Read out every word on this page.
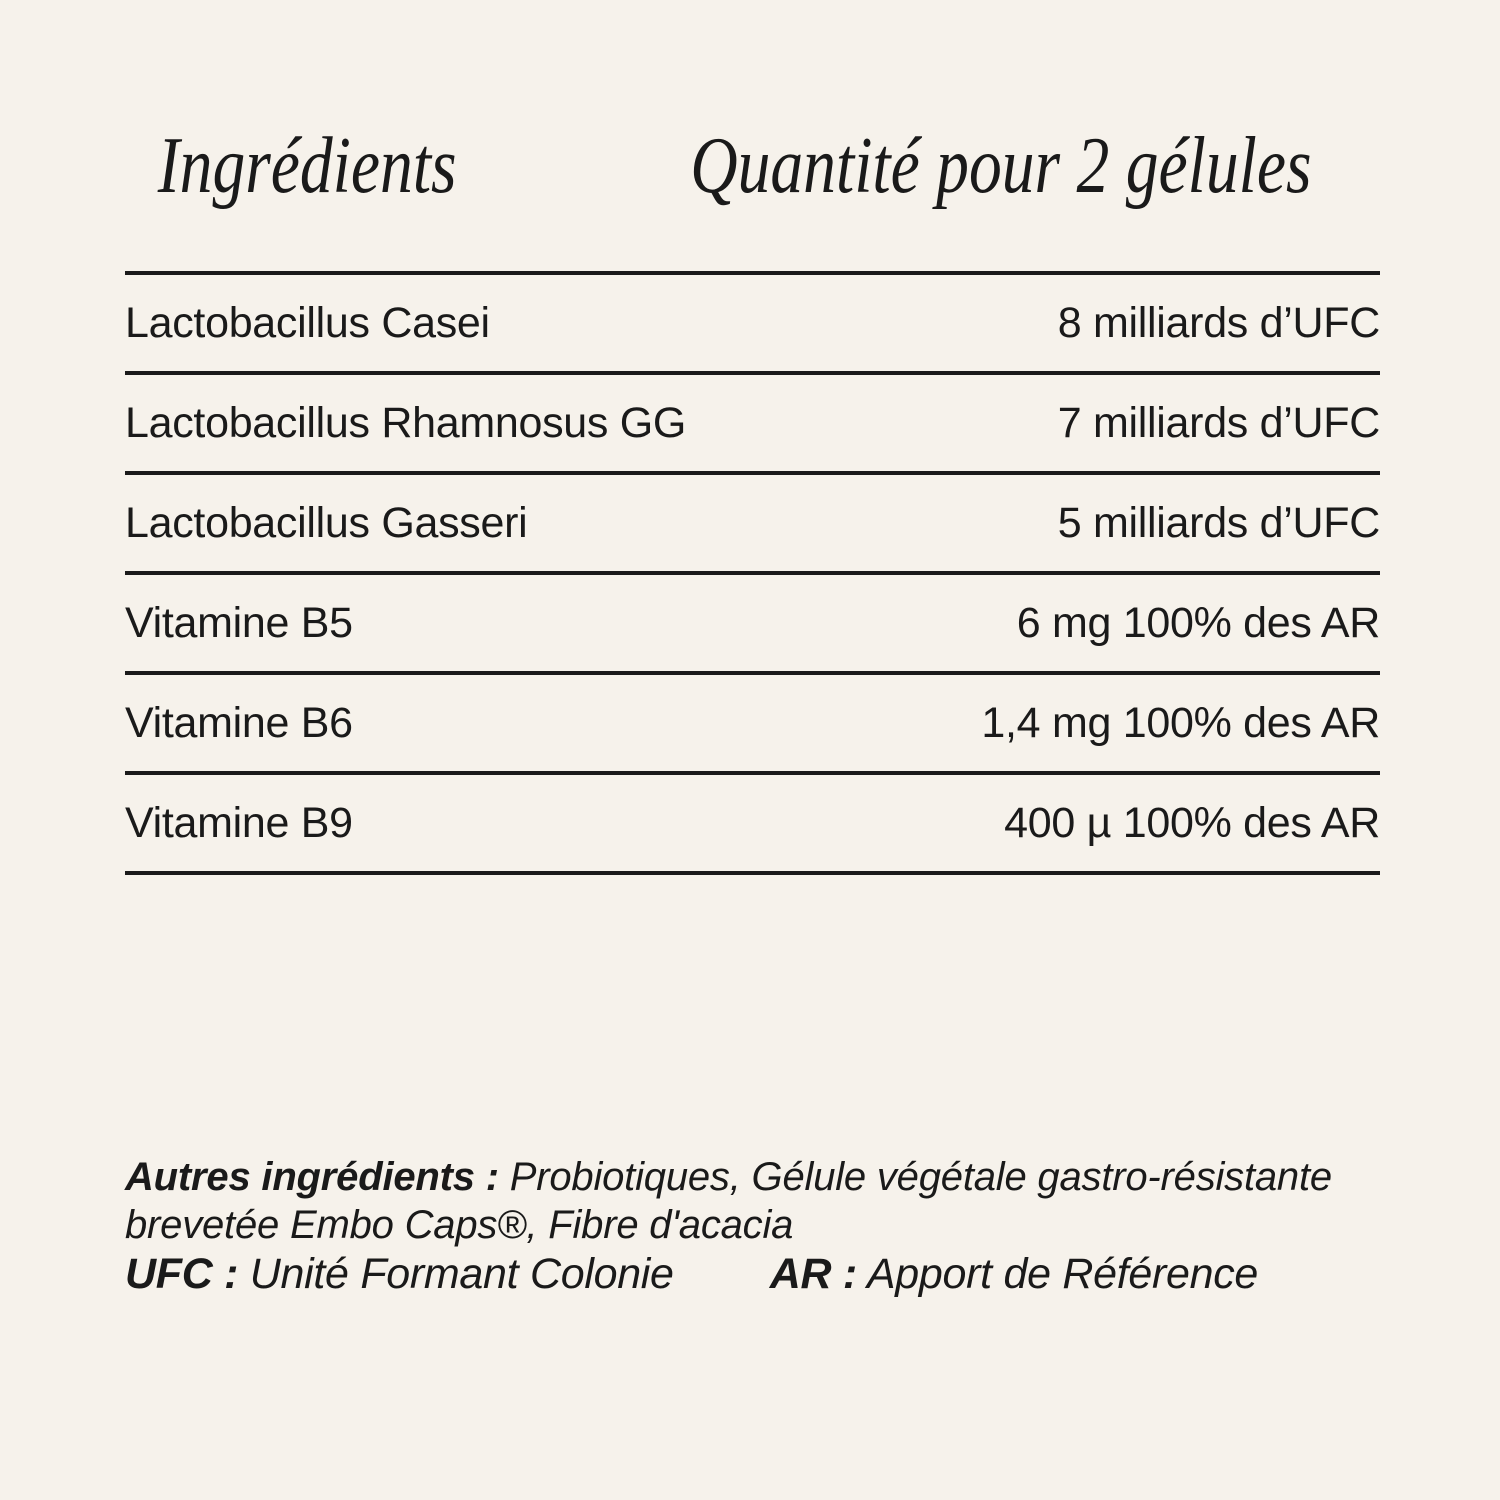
Ingrédients	Quantité pour 2 gélules
Lactobacillus Casei	8 milliards d’UFC
Lactobacillus Rhamnosus GG	7 milliards d’UFC
Lactobacillus Gasseri	5 milliards d’UFC
Vitamine B5	6 mg 100% des AR
Vitamine B6	1,4 mg 100% des AR
Vitamine B9	400 µ 100% des AR

Autres ingrédients : Probiotiques, Gélule végétale gastro-résistante brevetée Embo Caps®, Fibre d'acacia

UFC : Unité Formant Colonie AR : Apport de Référence
